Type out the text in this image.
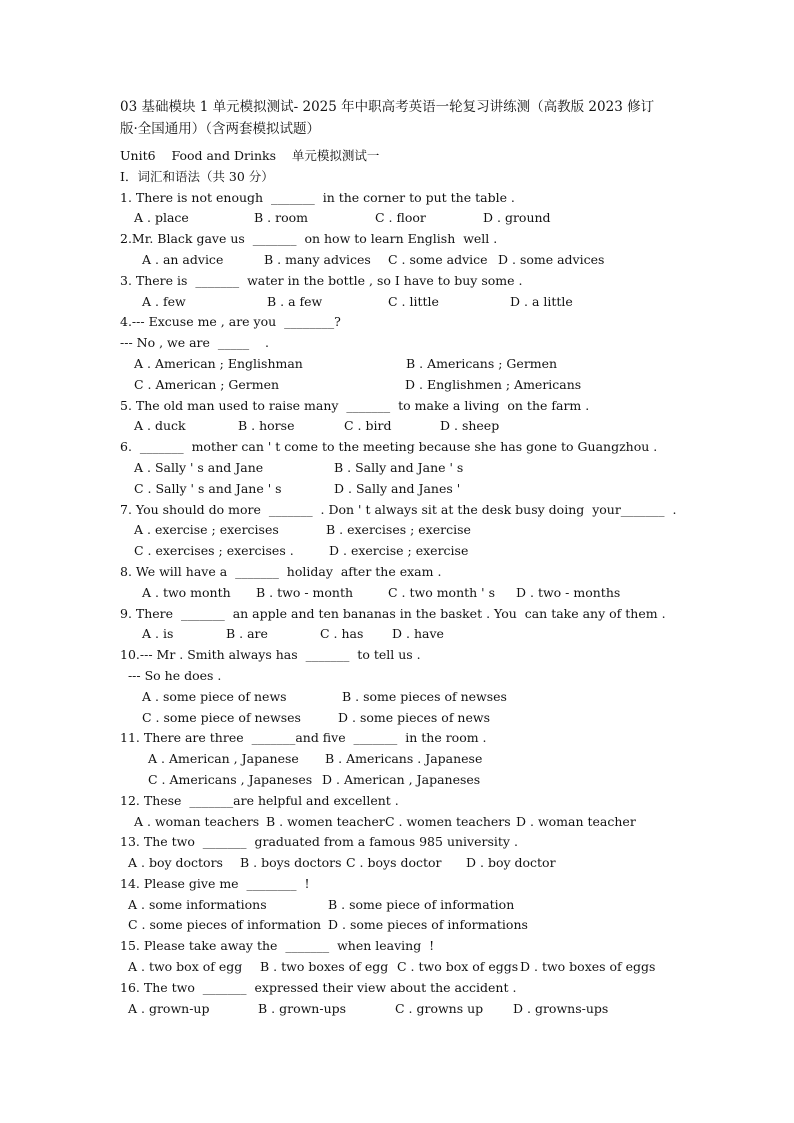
03 基础模块 1 单元模拟测试- 2025 年中职高考英语一轮复习讲练测（高教版 2023 修订
版·全国通用）（含两套模拟试题）
Unit6    Food and Drinks    单元模拟测试一
I．词汇和语法（共 30 分）
1. There is not enough  _______  in the corner to put the table .
A . place	B . room	C . floor	D . ground
2.Mr. Black gave us  _______  on how to learn English  well .
A . an advice	B . many advices C . some advice D . some advices
3. There is  _______  water in the bottle , so I have to buy some .
A . few	B . a few	C . little	D . a little
4.--- Excuse me , are you  ________?
--- No , we are  _____    .
A . American ; Englishman	B . Americans ; Germen
C . American ; Germen	D . Englishmen ; Americans
5. The old man used to raise many  _______  to make a living  on the farm .
A . duck	B . horse	C . bird	D . sheep
6.  _______  mother can ' t come to the meeting because she has gone to Guangzhou .
A . Sally ' s and Jane	B . Sally and Jane ' s
C . Sally ' s and Jane ' s	D . Sally and Janes '
7. You should do more  _______  . Don ' t always sit at the desk busy doing  your_______  .
A . exercise ; exercises	B . exercises ; exercise
C . exercises ; exercises .	D . exercise ; exercise
8. We will have a  _______  holiday  after the exam .
A . two month B . two - month	C . two month ' s D . two - months
9. There  _______  an apple and ten bananas in the basket . You  can take any of them .
A . is	B . are	C . has D . have
10.--- Mr . Smith always has  _______  to tell us .
--- So he does .
A . some piece of news	B . some pieces of newses
C . some piece of newses	D . some pieces of news
11. There are three  _______and five  _______  in the room .
A . American , Japanese B . Americans . Japanese
C . Americans , Japaneses D . American , Japaneses
12. These  _______are helpful and excellent .
A . woman teachers B . women teacher C . women teachers D . woman teacher
13. The two  _______  graduated from a famous 985 university .
A . boy doctors B . boys doctors C . boys doctor D . boy doctor
14. Please give me  ________  !
A . some informations	B . some piece of information
C . some pieces of information D . some pieces of informations
15. Please take away the  _______  when leaving  !
A . two box of egg B . two boxes of egg C . two box of eggs D . two boxes of eggs
16. The two  _______  expressed their view about the accident .
A . grown-up	B . grown-ups	C . growns up D . growns-ups
